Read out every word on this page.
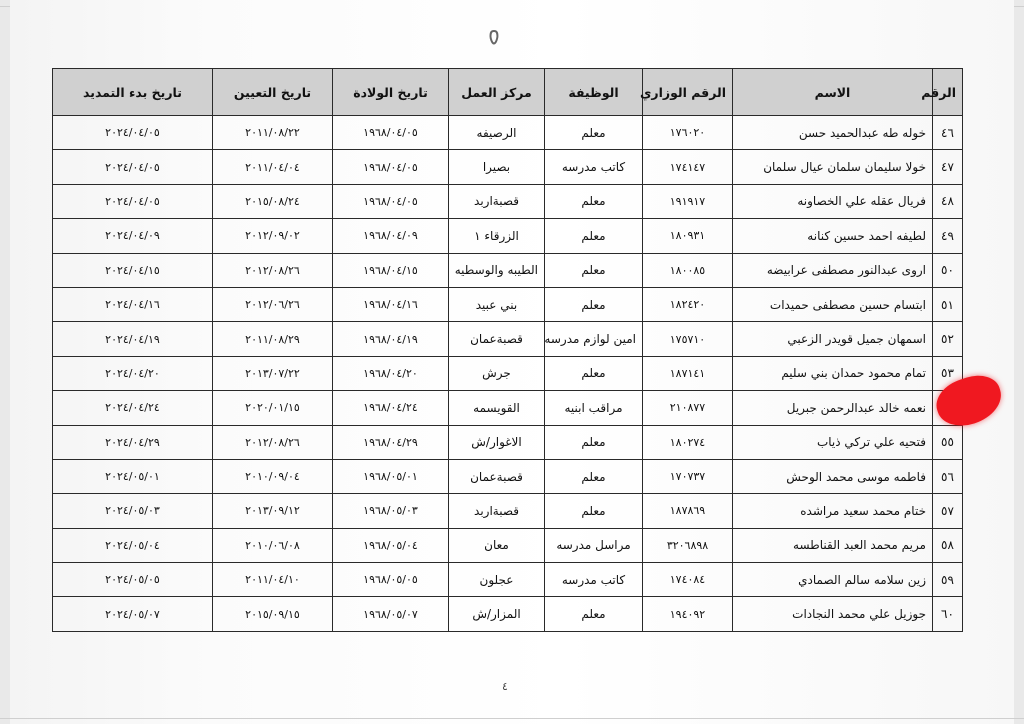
٥
الرقم	الاسم	الرقم الوزاري	الوظيفة	مركز العمل	تاريخ الولادة	تاريخ التعيين	تاريخ بدء التمديد
٤٦	خوله طه عبدالحميد حسن	١٧٦٠٢٠	معلم	الرصيفه	١٩٦٨/٠٤/٠٥	٢٠١١/٠٨/٢٢	٢٠٢٤/٠٤/٠٥
٤٧	خولا سليمان سلمان عيال سلمان	١٧٤١٤٧	كاتب مدرسه	بصيرا	١٩٦٨/٠٤/٠٥	٢٠١١/٠٤/٠٤	٢٠٢٤/٠٤/٠٥
٤٨	فريال عقله علي الخصاونه	١٩١٩١٧	معلم	قصبةاربد	١٩٦٨/٠٤/٠٥	٢٠١٥/٠٨/٢٤	٢٠٢٤/٠٤/٠٥
٤٩	لطيفه احمد حسين كنانه	١٨٠٩٣١	معلم	الزرقاء ١	١٩٦٨/٠٤/٠٩	٢٠١٢/٠٩/٠٢	٢٠٢٤/٠٤/٠٩
٥٠	اروى عبدالنور مصطفى عرابيضه	١٨٠٠٨٥	معلم	الطيبه والوسطيه	١٩٦٨/٠٤/١٥	٢٠١٢/٠٨/٢٦	٢٠٢٤/٠٤/١٥
٥١	ابتسام حسين مصطفى حميدات	١٨٢٤٢٠	معلم	بني عبيد	١٩٦٨/٠٤/١٦	٢٠١٢/٠٦/٢٦	٢٠٢٤/٠٤/١٦
٥٢	اسمهان جميل قويدر الزعبي	١٧٥٧١٠	امين لوازم مدرسه	قصبةعمان	١٩٦٨/٠٤/١٩	٢٠١١/٠٨/٢٩	٢٠٢٤/٠٤/١٩
٥٣	تمام محمود حمدان بني سليم	١٨٧١٤١	معلم	جرش	١٩٦٨/٠٤/٢٠	٢٠١٣/٠٧/٢٢	٢٠٢٤/٠٤/٢٠
	نعمه خالد عبدالرحمن جبريل	٢١٠٨٧٧	مراقب ابنيه	القويسمه	١٩٦٨/٠٤/٢٤	٢٠٢٠/٠١/١٥	٢٠٢٤/٠٤/٢٤
٥٥	فتحيه علي تركي ذياب	١٨٠٢٧٤	معلم	الاغوار/ش	١٩٦٨/٠٤/٢٩	٢٠١٢/٠٨/٢٦	٢٠٢٤/٠٤/٢٩
٥٦	فاطمه موسى محمد الوحش	١٧٠٧٣٧	معلم	قصبةعمان	١٩٦٨/٠٥/٠١	٢٠١٠/٠٩/٠٤	٢٠٢٤/٠٥/٠١
٥٧	ختام محمد سعيد مراشده	١٨٧٨٦٩	معلم	قصبةاربد	١٩٦٨/٠٥/٠٣	٢٠١٣/٠٩/١٢	٢٠٢٤/٠٥/٠٣
٥٨	مريم محمد العبد القناطسه	٣٢٠٦٨٩٨	مراسل مدرسه	معان	١٩٦٨/٠٥/٠٤	٢٠١٠/٠٦/٠٨	٢٠٢٤/٠٥/٠٤
٥٩	زين سلامه سالم الصمادي	١٧٤٠٨٤	كاتب مدرسه	عجلون	١٩٦٨/٠٥/٠٥	٢٠١١/٠٤/١٠	٢٠٢٤/٠٥/٠٥
٦٠	جوزيل علي محمد النجادات	١٩٤٠٩٢	معلم	المزار/ش	١٩٦٨/٠٥/٠٧	٢٠١٥/٠٩/١٥	٢٠٢٤/٠٥/٠٧
٤
